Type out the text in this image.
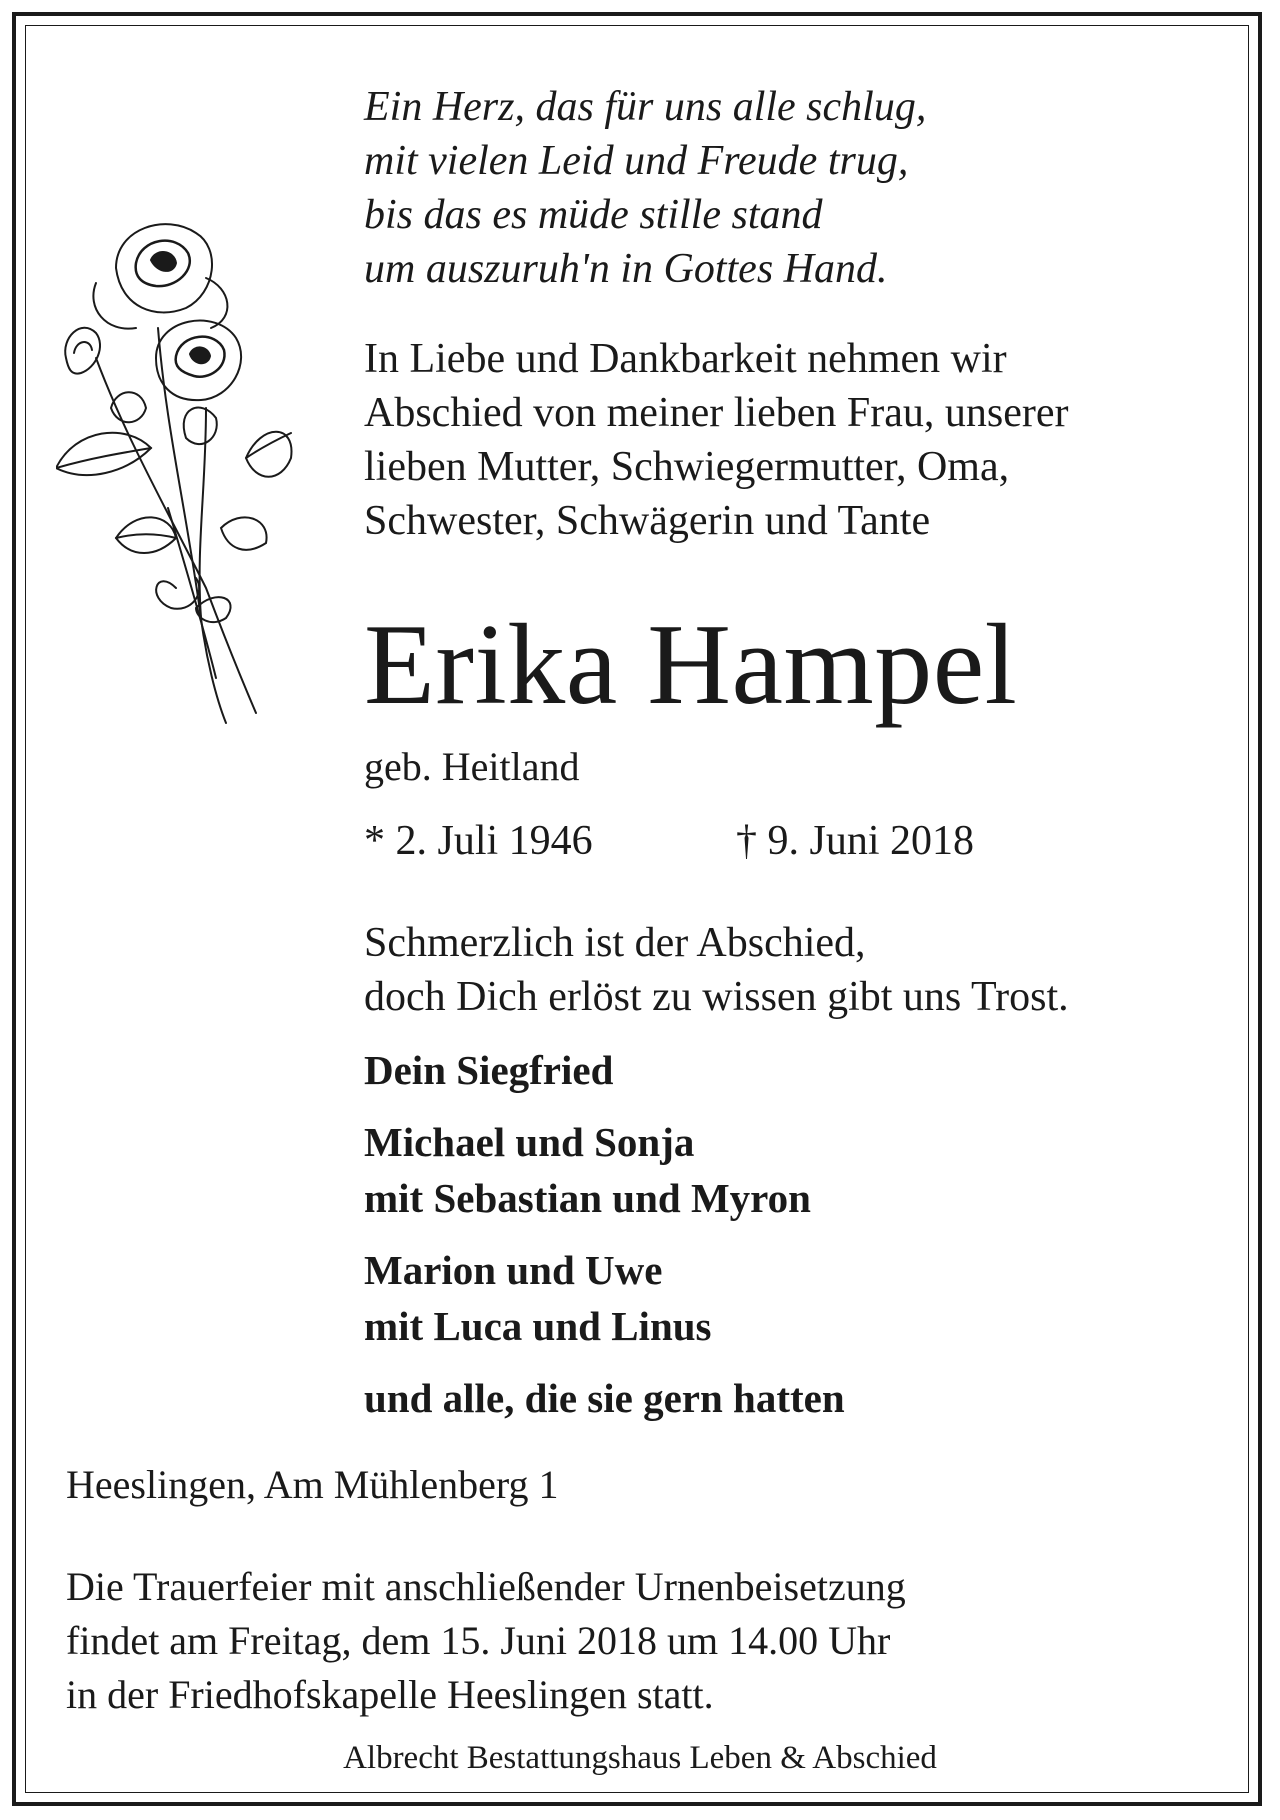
Ein Herz, das für uns alle schlug,
mit vielen Leid und Freude trug,
bis das es müde stille stand
um auszuruh'n in Gottes Hand.
In Liebe und Dankbarkeit nehmen wir
Abschied von meiner lieben Frau, unserer
lieben Mutter, Schwiegermutter, Oma,
Schwester, Schwägerin und Tante
Erika Hampel
geb. Heitland
* 2. Juli 1946	† 9. Juni 2018
Schmerzlich ist der Abschied,
doch Dich erlöst zu wissen gibt uns Trost.
Dein Siegfried
Michael und Sonja
mit Sebastian und Myron
Marion und Uwe
mit Luca und Linus
und alle, die sie gern hatten
Heeslingen, Am Mühlenberg 1
Die Trauerfeier mit anschließender Urnenbeisetzung
findet am Freitag, dem 15. Juni 2018 um 14.00 Uhr
in der Friedhofskapelle Heeslingen statt.
Albrecht Bestattungshaus Leben & Abschied
